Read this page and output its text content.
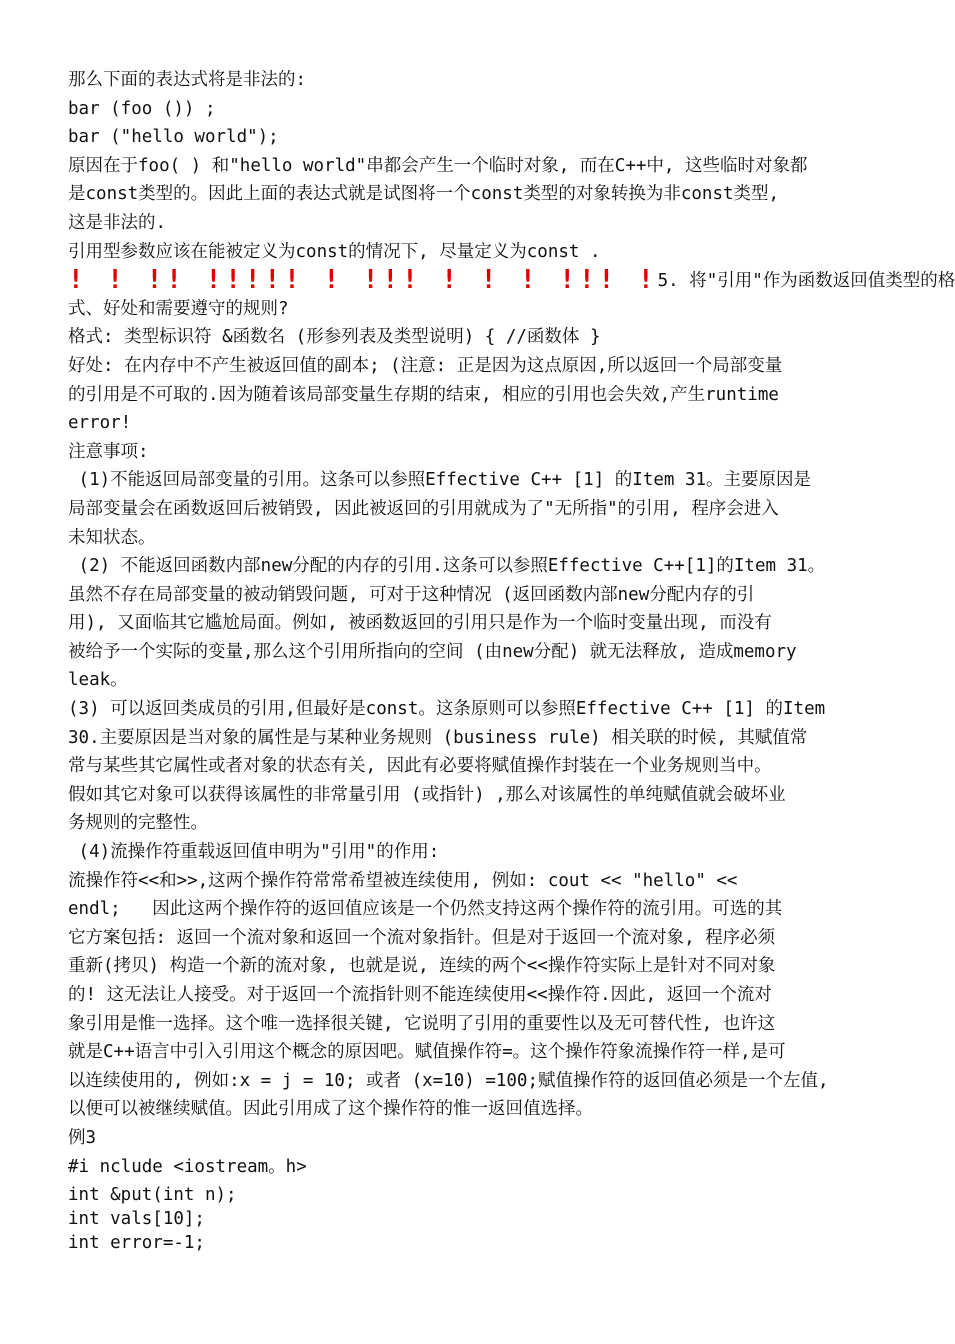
那么下面的表达式将是非法的:
bar (foo ()) ;
bar ("hello world");
原因在于foo( ) 和"hello world"串都会产生一个临时对象, 而在C++中, 这些临时对象都
是const类型的。因此上面的表达式就是试图将一个const类型的对象转换为非const类型,
这是非法的.
引用型参数应该在能被定义为const的情况下, 尽量定义为const .
! ! !! !!!!! ! !!! ! ! ! !!! !5. 将"引用"作为函数返回值类型的格
式、好处和需要遵守的规则?
格式: 类型标识符 &函数名 (形参列表及类型说明) { //函数体 }
好处: 在内存中不产生被返回值的副本; (注意: 正是因为这点原因,所以返回一个局部变量
的引用是不可取的.因为随着该局部变量生存期的结束, 相应的引用也会失效,产生runtime
error!
注意事项:
(1)不能返回局部变量的引用。这条可以参照Effective C++ [1] 的Item 31。主要原因是
局部变量会在函数返回后被销毁, 因此被返回的引用就成为了"无所指"的引用, 程序会进入
未知状态。
(2) 不能返回函数内部new分配的内存的引用.这条可以参照Effective C++[1]的Item 31。
虽然不存在局部变量的被动销毁问题, 可对于这种情况 (返回函数内部new分配内存的引
用), 又面临其它尴尬局面。例如, 被函数返回的引用只是作为一个临时变量出现, 而没有
被给予一个实际的变量,那么这个引用所指向的空间 (由new分配) 就无法释放, 造成memory
leak。
(3) 可以返回类成员的引用,但最好是const。这条原则可以参照Effective C++ [1] 的Item
30.主要原因是当对象的属性是与某种业务规则 (business rule) 相关联的时候, 其赋值常
常与某些其它属性或者对象的状态有关, 因此有必要将赋值操作封装在一个业务规则当中。
假如其它对象可以获得该属性的非常量引用 (或指针) ,那么对该属性的单纯赋值就会破坏业
务规则的完整性。
(4)流操作符重载返回值申明为"引用"的作用:
流操作符<<和>>,这两个操作符常常希望被连续使用, 例如: cout << "hello" <<
endl;   因此这两个操作符的返回值应该是一个仍然支持这两个操作符的流引用。可选的其
它方案包括: 返回一个流对象和返回一个流对象指针。但是对于返回一个流对象, 程序必须
重新(拷贝) 构造一个新的流对象, 也就是说, 连续的两个<<操作符实际上是针对不同对象
的! 这无法让人接受。对于返回一个流指针则不能连续使用<<操作符.因此, 返回一个流对
象引用是惟一选择。这个唯一选择很关键, 它说明了引用的重要性以及无可替代性, 也许这
就是C++语言中引入引用这个概念的原因吧。赋值操作符=。这个操作符象流操作符一样,是可
以连续使用的, 例如:x = j = 10; 或者 (x=10) =100;赋值操作符的返回值必须是一个左值,
以便可以被继续赋值。因此引用成了这个操作符的惟一返回值选择。
例3
#i nclude <iostream。h>
int &put(int n);
int vals[10];
int error=-1;
